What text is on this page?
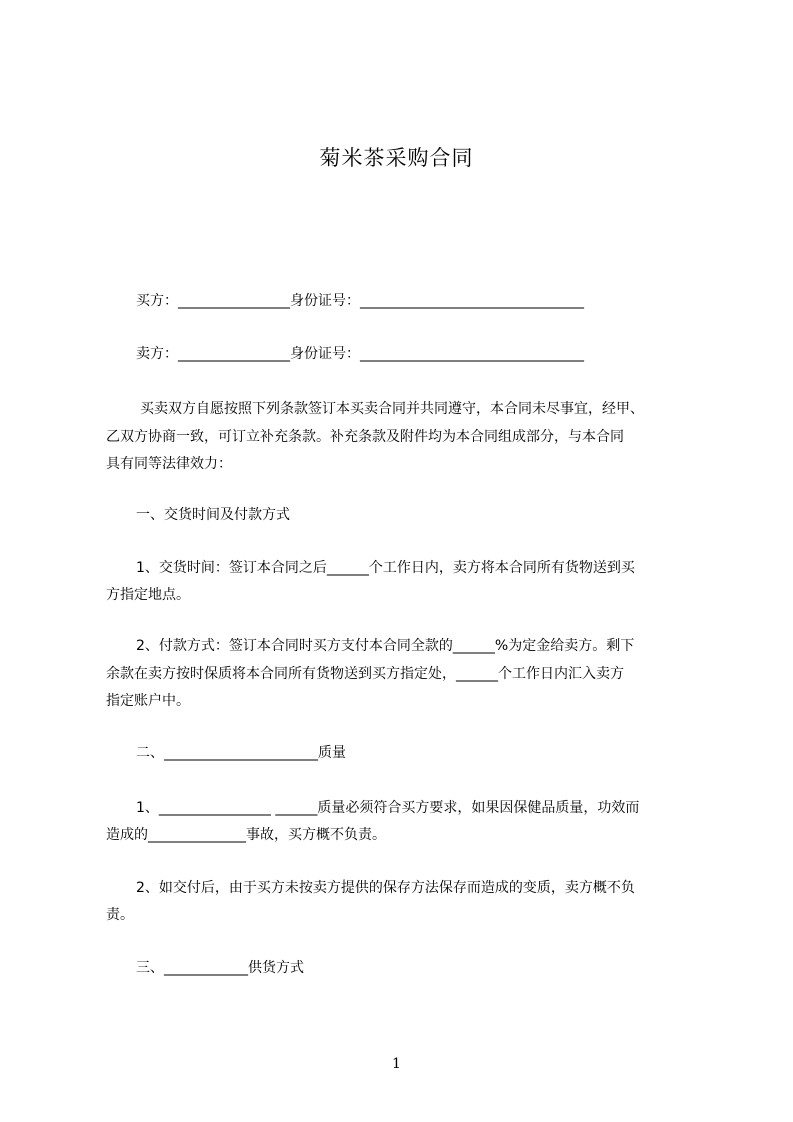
菊米茶采购合同
买方：________________身份证号：________________________________
卖方：________________身份证号：________________________________
买卖双方自愿按照下列条款签订本买卖合同并共同遵守，本合同未尽事宜，经甲、
乙双方协商一致，可订立补充条款。补充条款及附件均为本合同组成部分，与本合同
具有同等法律效力：
一、交货时间及付款方式
1、交货时间：签订本合同之后______个工作日内，卖方将本合同所有货物送到买
方指定地点。
2、付款方式：签订本合同时买方支付本合同全款的______%为定金给卖方。剩下
余款在卖方按时保质将本合同所有货物送到买方指定处，______个工作日内汇入卖方
指定账户中。
二、______________________质量
1、________________ ______质量必须符合买方要求，如果因保健品质量，功效而
造成的______________事故，买方概不负责。
2、如交付后，由于买方未按卖方提供的保存方法保存而造成的变质，卖方概不负
责。
三、____________供货方式
1
